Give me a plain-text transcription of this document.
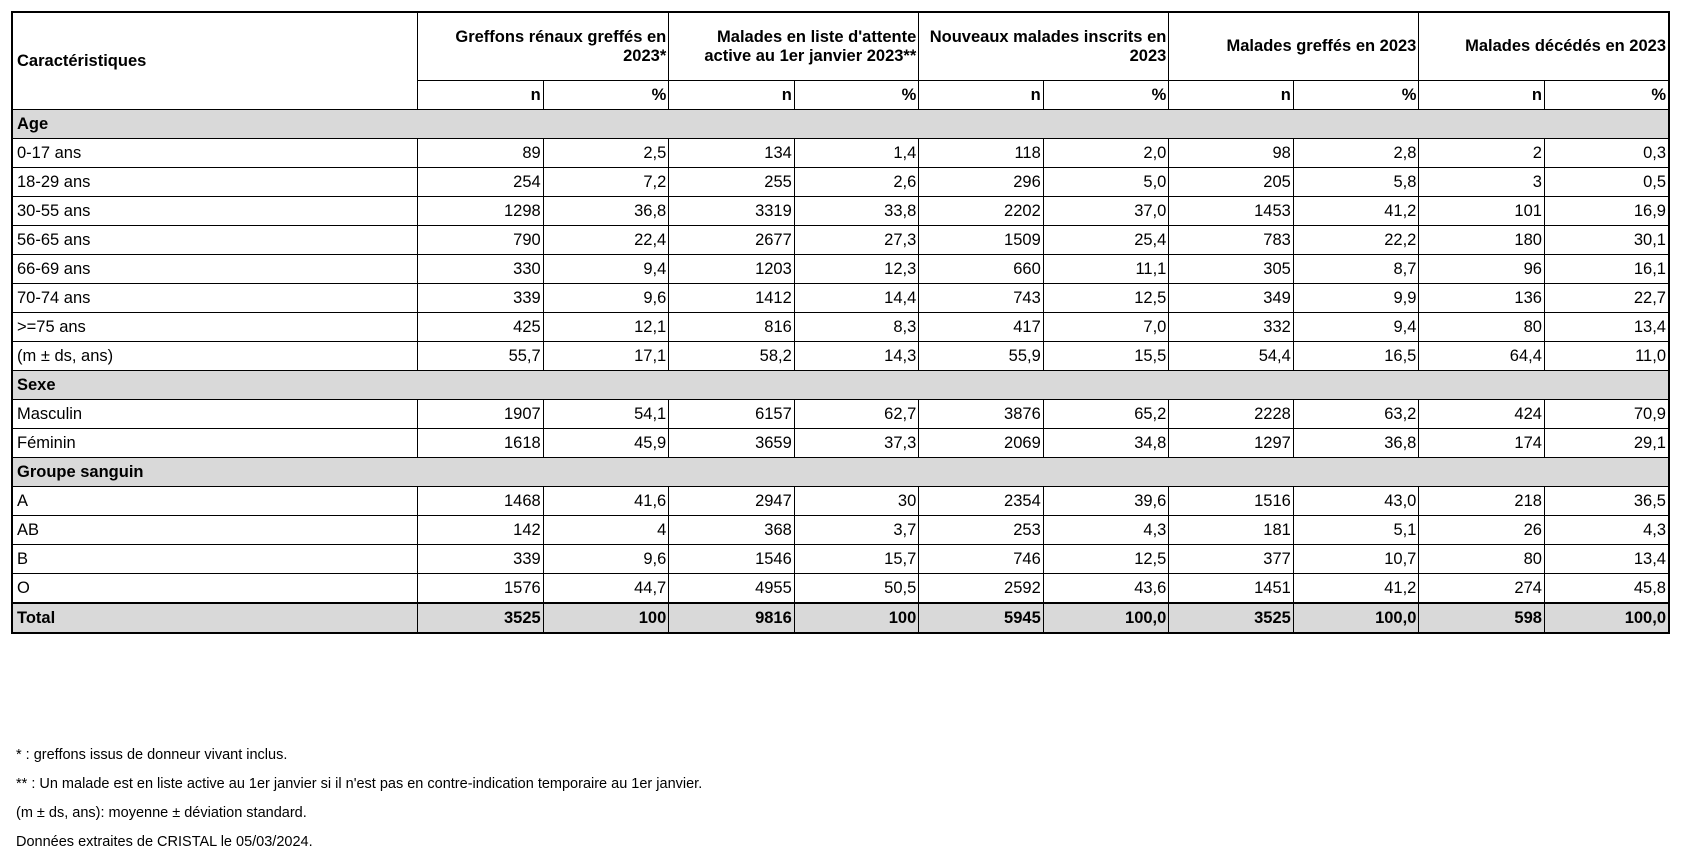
Caractéristiques	Greffons rénaux greffés en 2023*		Malades en liste d'attente active au 1er janvier 2023**		Nouveaux malades inscrits en 2023		Malades greffés en 2023		Malades décédés en 2023	
	n	%	n	%	n	%	n	%	n	%
Age										
0-17 ans	89	2,5	134	1,4	118	2,0	98	2,8	2	0,3
18-29 ans	254	7,2	255	2,6	296	5,0	205	5,8	3	0,5
30-55 ans	1298	36,8	3319	33,8	2202	37,0	1453	41,2	101	16,9
56-65 ans	790	22,4	2677	27,3	1509	25,4	783	22,2	180	30,1
66-69 ans	330	9,4	1203	12,3	660	11,1	305	8,7	96	16,1
70-74 ans	339	9,6	1412	14,4	743	12,5	349	9,9	136	22,7
>=75 ans	425	12,1	816	8,3	417	7,0	332	9,4	80	13,4
(m ± ds, ans)	55,7	17,1	58,2	14,3	55,9	15,5	54,4	16,5	64,4	11,0
Sexe										
Masculin	1907	54,1	6157	62,7	3876	65,2	2228	63,2	424	70,9
Féminin	1618	45,9	3659	37,3	2069	34,8	1297	36,8	174	29,1
Groupe sanguin										
A	1468	41,6	2947	30	2354	39,6	1516	43,0	218	36,5
AB	142	4	368	3,7	253	4,3	181	5,1	26	4,3
B	339	9,6	1546	15,7	746	12,5	377	10,7	80	13,4
O	1576	44,7	4955	50,5	2592	43,6	1451	41,2	274	45,8
Total	3525	100	9816	100	5945	100,0	3525	100,0	598	100,0

* : greffons issus de donneur vivant inclus.

** : Un malade est en liste active au 1er janvier si il n'est pas en contre-indication temporaire au 1er janvier.

(m ± ds, ans): moyenne ± déviation standard.

Données extraites de CRISTAL le 05/03/2024.
